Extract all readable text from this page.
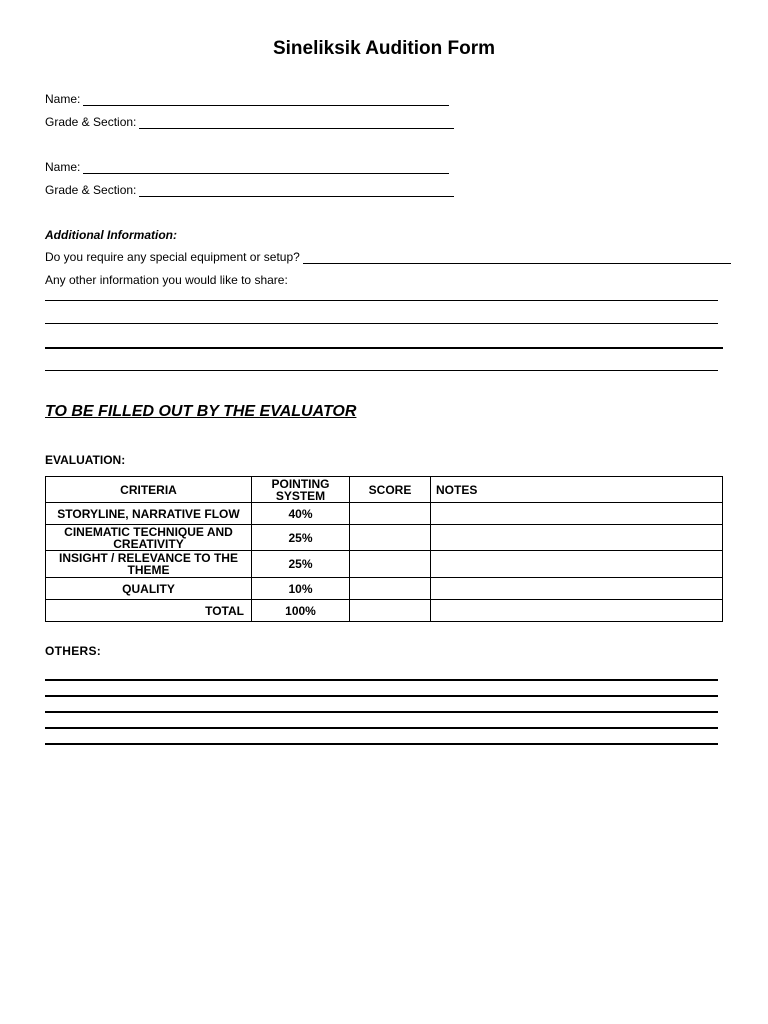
Sineliksik Audition Form
Name:
Grade & Section:
Name:
Grade & Section:
Additional Information:
Do you require any special equipment or setup?
Any other information you would like to share:
TO BE FILLED OUT BY THE EVALUATOR
EVALUATION:
CRITERIA	POINTING SYSTEM	SCORE	NOTES
STORYLINE, NARRATIVE FLOW	40%		
CINEMATIC TECHNIQUE AND CREATIVITY	25%		
INSIGHT / RELEVANCE TO THE THEME	25%		
QUALITY	10%		
TOTAL	100%		
OTHERS:
